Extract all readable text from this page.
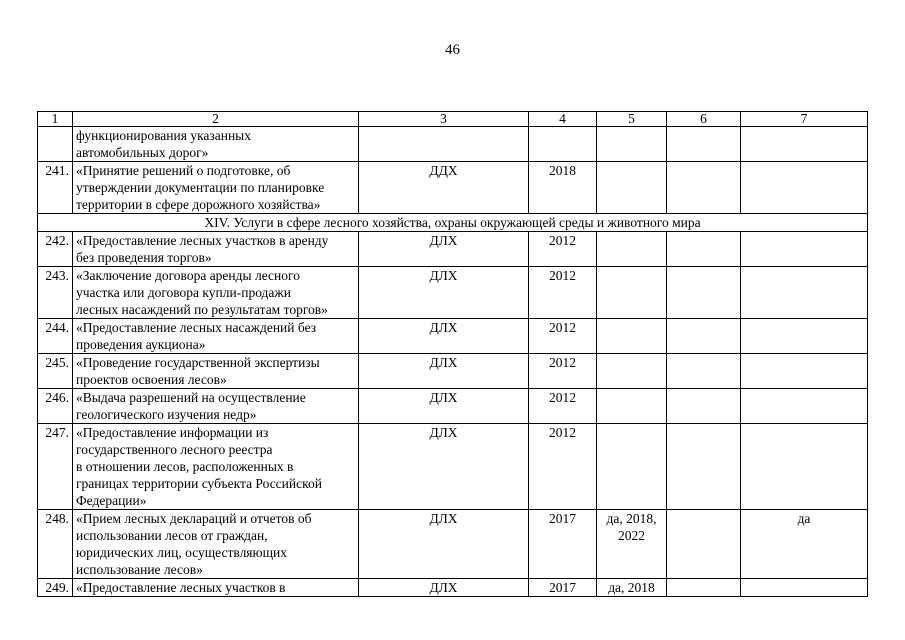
46
1	2	3	4	5	6	7
	функционирования указанных
автомобильных дорог»					
241.	«Принятие решений о подготовке, об
утверждении документации по планировке
территории в сфере дорожного хозяйства»	ДДХ	2018			
XIV. Услуги в сфере лесного хозяйства, охраны окружающей среды и животного мира						
242.	«Предоставление лесных участков в аренду
без проведения торгов»	ДЛХ	2012			
243.	«Заключение договора аренды лесного
участка или договора купли-продажи
лесных насаждений по результатам торгов»	ДЛХ	2012			
244.	«Предоставление лесных насаждений без
проведения аукциона»	ДЛХ	2012			
245.	«Проведение государственной экспертизы
проектов освоения лесов»	ДЛХ	2012			
246.	«Выдача разрешений на осуществление
геологического изучения недр»	ДЛХ	2012			
247.	«Предоставление информации из
государственного лесного реестра
в отношении лесов, расположенных в
границах территории субъекта Российской
Федерации»	ДЛХ	2012			
248.	«Прием лесных деклараций и отчетов об
использовании лесов от граждан,
юридических лиц, осуществляющих
использование лесов»	ДЛХ	2017	да, 2018,
2022		да
249.	«Предоставление лесных участков в	ДЛХ	2017	да, 2018		
